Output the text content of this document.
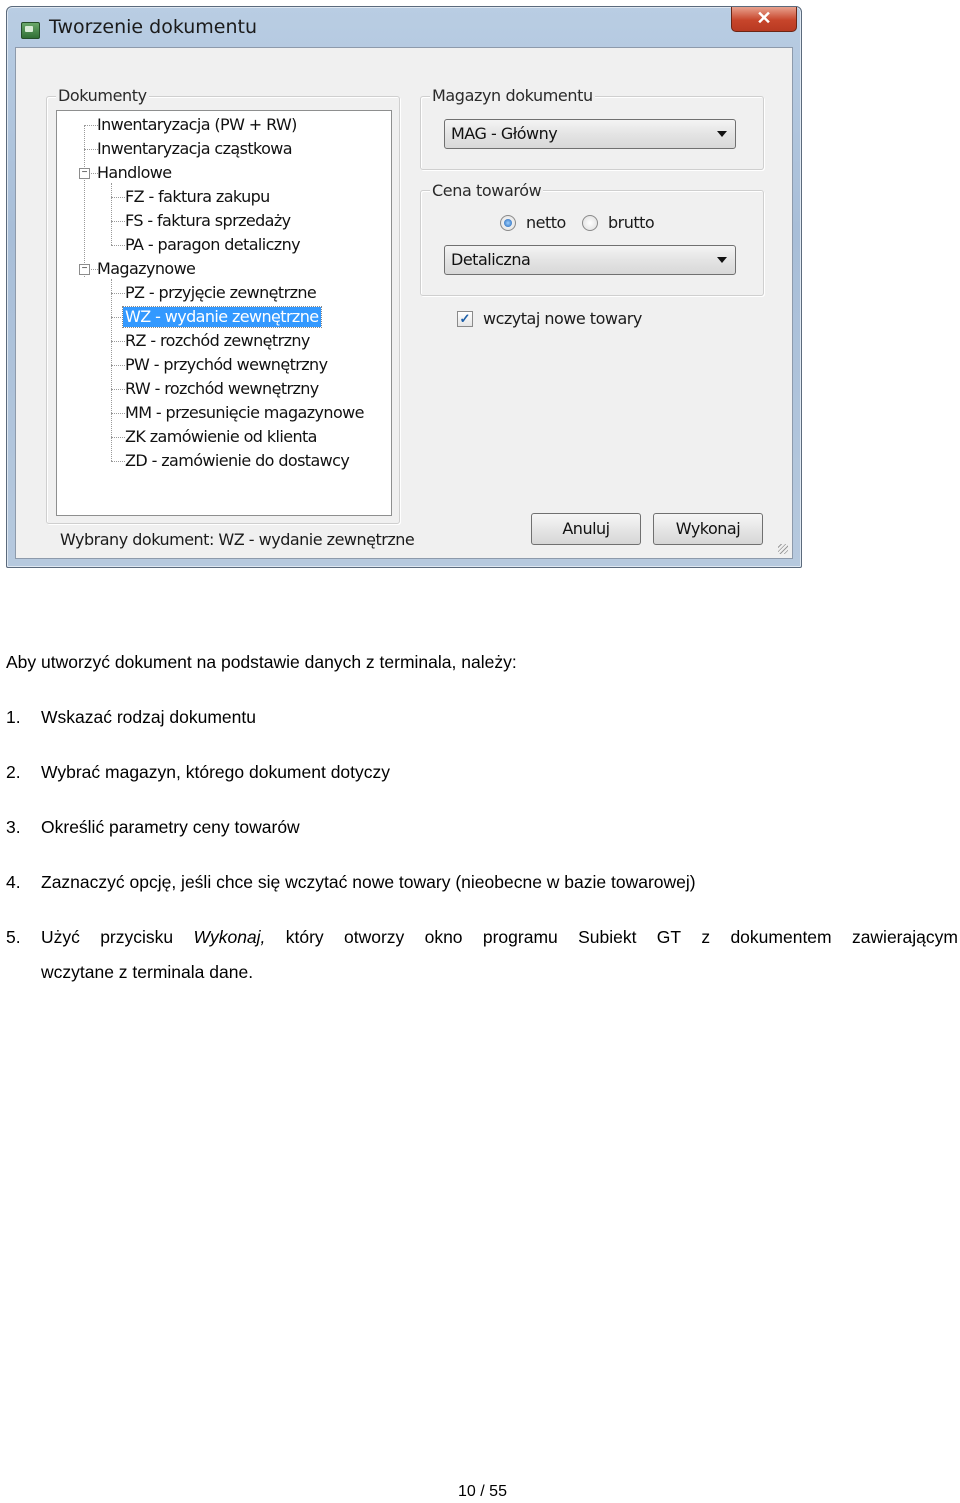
Tworzenie dokumentu	✕
Dokumenty
−
−
Inwentaryzacja (PW + RW)
Inwentaryzacja cząstkowa
Handlowe
FZ - faktura zakupu
FS - faktura sprzedaży
PA - paragon detaliczny
Magazynowe
PZ - przyjęcie zewnętrzne
WZ - wydanie zewnętrzne
RZ - rozchód zewnętrzny
PW - przychód wewnętrzny
RW - rozchód wewnętrzny
MM - przesunięcie magazynowe
ZK zamówienie od klienta
ZD - zamówienie do dostawcy
Magazyn dokumentu
MAG - Główny
Cena towarów
netto	brutto
Detaliczna
✓ wczytaj nowe towary
Wybrany dokument: WZ - wydanie zewnętrzne
Anuluj	Wykonaj
Aby utworzyć dokument na podstawie danych z terminala, należy:
1. Wskazać rodzaj dokumentu
2. Wybrać magazyn, którego dokument dotyczy
3. Określić parametry ceny towarów
4. Zaznaczyć opcję, jeśli chce się wczytać nowe towary (nieobecne w bazie towarowej)
5. Użyć przycisku Wykonaj, który otworzy okno programu Subiekt GT z dokumentem zawierającym
wczytane z terminala dane.
10 / 55
